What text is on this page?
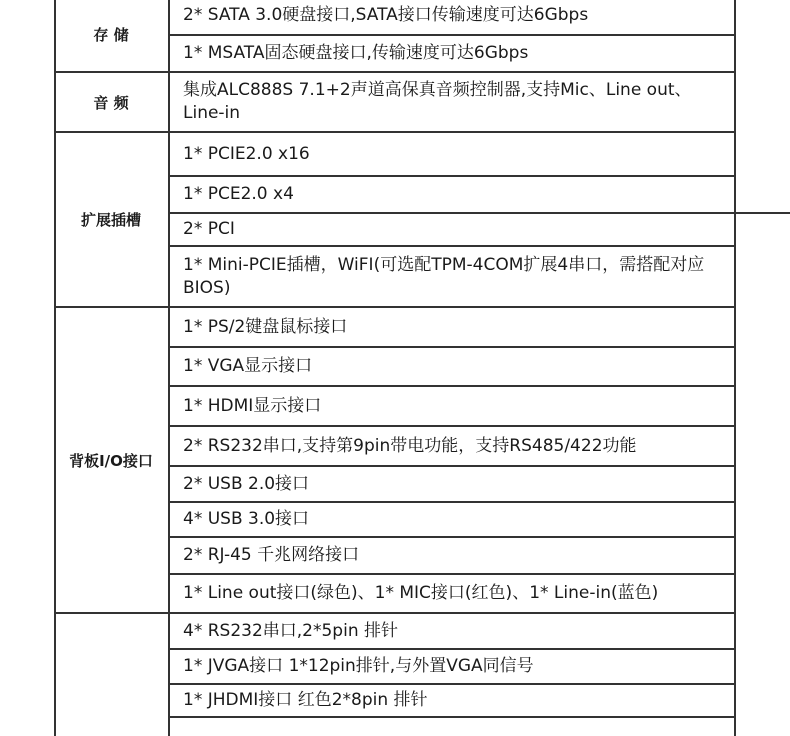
存 储
2* SATA 3.0硬盘接口,SATA接口传输速度可达6Gbps
1* MSATA固态硬盘接口,传输速度可达6Gbps
音 频
集成ALC888S 7.1+2声道高保真音频控制器,支持Mic、Line out、Line-in
扩展插槽
1* PCIE2.0 x16
1* PCE2.0 x4
2* PCI
1* Mini-PCIE插槽，WiFI(可选配TPM-4COM扩展4串口，需搭配对应BIOS)
背板I/O接口
1* PS/2键盘鼠标接口
1* VGA显示接口
1* HDMI显示接口
2* RS232串口,支持第9pin带电功能，支持RS485/422功能
2* USB 2.0接口
4* USB 3.0接口
2* RJ-45 千兆网络接口
1* Line out接口(绿色)、1* MIC接口(红色)、1* Line-in(蓝色)
4* RS232串口,2*5pin 排针
1* JVGA接口 1*12pin排针,与外置VGA同信号
1* JHDMI接口 红色2*8pin 排针
